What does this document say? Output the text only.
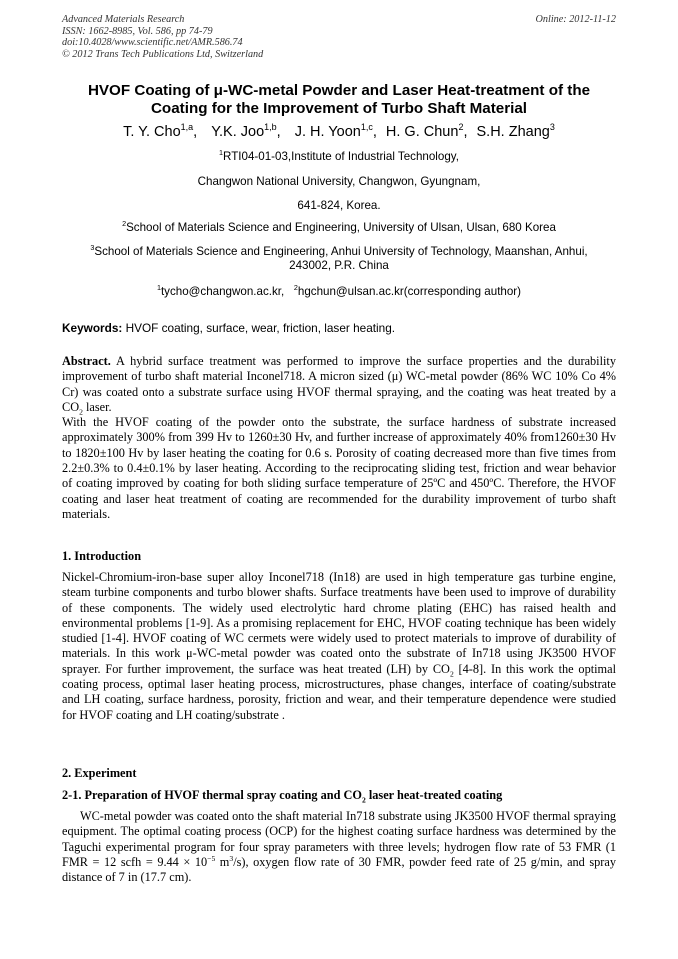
Advanced Materials Research
ISSN: 1662-8985, Vol. 586, pp 74-79
doi:10.4028/www.scientific.net/AMR.586.74
© 2012 Trans Tech Publications Ltd, Switzerland
Online: 2012-11-12
HVOF Coating of μ-WC-metal Powder and Laser Heat-treatment of the
Coating for the Improvement of Turbo Shaft Material
T. Y. Cho$^{1,a}$, Y.K. Joo$^{1,b}$, J. H. Yoon$^{1,c}$, H. G. Chun$^2$, S.H. Zhang$^3$
$^1$RTI04-01-03,Institute of Industrial Technology,
Changwon National University, Changwon, Gyungnam,
641-824, Korea.
$^2$School of Materials Science and Engineering, University of Ulsan, Ulsan, 680 Korea
$^3$School of Materials Science and Engineering, Anhui University of Technology, Maanshan, Anhui,
243002, P.R. China
$^1$tycho@changwon.ac.kr, $^2$hgchun@ulsan.ac.kr(corresponding author)
Keywords: HVOF coating, surface, wear, friction, laser heating.
Abstract. A hybrid surface treatment was performed to improve the surface properties and the durability improvement of turbo shaft material Inconel718. A micron sized (μ) WC-metal powder (86% WC 10% Co 4% Cr) was coated onto a substrate surface using HVOF thermal spraying, and the coating was heat treated by a $CO_2$ laser.
With the HVOF coating of the powder onto the substrate, the surface hardness of substrate increased approximately 300% from 399 Hv to 1260±30 Hv, and further increase of approximately 40% from1260±30 Hv to 1820±100 Hv by laser heating the coating for 0.6 s. Porosity of coating decreased more than five times from 2.2±0.3% to 0.4±0.1% by laser heating. According to the reciprocating sliding test, friction and wear behavior of coating improved by coating for both sliding surface temperature of 25ºC and 450ºC. Therefore, the HVOF coating and laser heat treatment of coating are recommended for the durability improvement of turbo shaft materials.
1. Introduction
Nickel-Chromium-iron-base super alloy Inconel718 (In18) are used in high temperature gas turbine engine, steam turbine components and turbo blower shafts. Surface treatments have been used to improve of durability of these components. The widely used electrolytic hard chrome plating (EHC) has raised health and environmental problems [1-9]. As a promising replacement for EHC, HVOF coating technique has been widely studied [1-4]. HVOF coating of WC cermets were widely used to protect materials to improve of durability of materials. In this work μ-WC-metal powder was coated onto the substrate of In718 using JK3500 HVOF sprayer. For further improvement, the surface was heat treated (LH) by $CO_2$ [4-8]. In this work the optimal coating process, optimal laser heating process, microstructures, phase changes, interface of coating/substrate and LH coating, surface hardness, porosity, friction and wear, and their temperature dependence were studied for HVOF coating and LH coating/substrate .
2. Experiment
2-1. Preparation of HVOF thermal spray coating and $CO_2$ laser heat-treated coating
WC-metal powder was coated onto the shaft material In718 substrate using JK3500 HVOF thermal spraying equipment. The optimal coating process (OCP) for the highest coating surface hardness was determined by the Taguchi experimental program for four spray parameters with three levels; hydrogen flow rate of 53 FMR (1 FMR = 12 scfh = $9.44 \times 10^{-5}$ $m^3/s$), oxygen flow rate of 30 FMR, powder feed rate of 25 g/min, and spray distance of 7 in (17.7 cm).
